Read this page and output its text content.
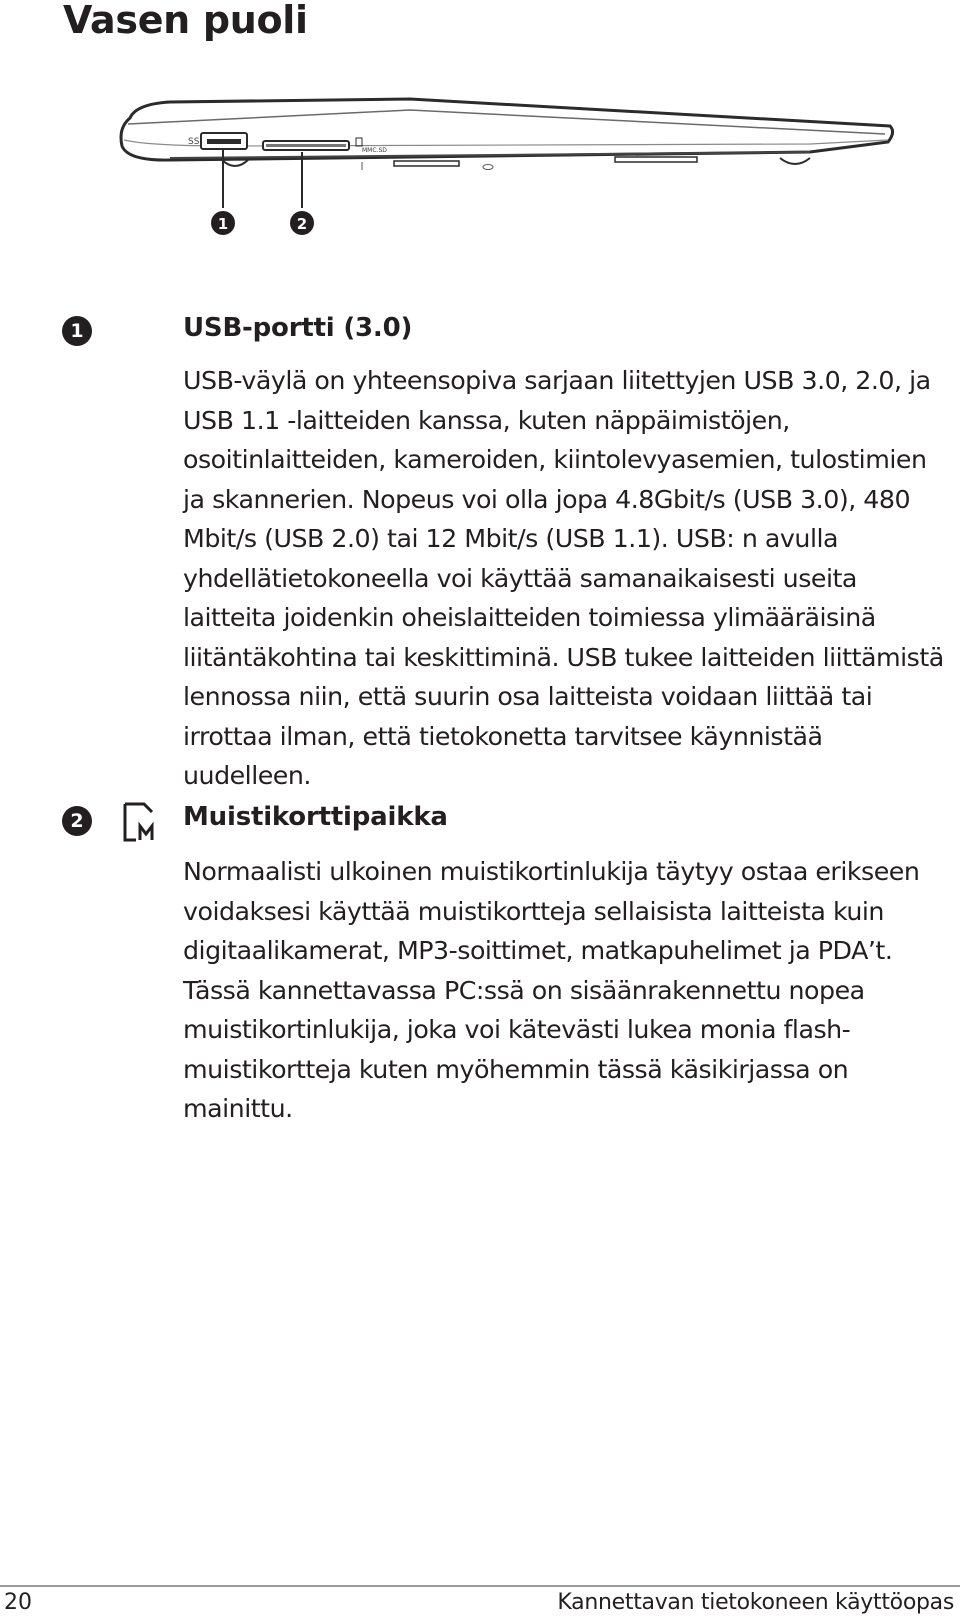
Vasen puoli
SS
MMC.SD
1	2
1	USB-portti (3.0)

USB-väylä on yhteensopiva sarjaan liitettyjen USB 3.0, 2.0, ja USB 1.1 -laitteiden kanssa, kuten näppäimistöjen, osoitinlaitteiden, kameroiden, kiintolevyasemien, tulostimien ja skannerien. Nopeus voi olla jopa 4.8Gbit/s (USB 3.0), 480 Mbit/s (USB 2.0) tai 12 Mbit/s (USB 1.1). USB: n avulla yhdellätietokoneella voi käyttää samanaikaisesti useita laitteita joidenkin oheislaitteiden toimiessa ylimääräisinä liitäntäkohtina tai keskittiminä. USB tukee laitteiden liittämistä lennossa niin, että suurin osa laitteista voidaan liittää tai irrottaa ilman, että tietokonetta tarvitsee käynnistää uudelleen.

2	Muistikorttipaikka

Normaalisti ulkoinen muistikortinlukija täytyy ostaa erikseen voidaksesi käyttää muistikortteja sellaisista laitteista kuin digitaalikamerat, MP3-soittimet, matkapuhelimet ja PDA’t. Tässä kannettavassa PC:ssä on sisäänrakennettu nopea muistikortinlukija, joka voi kätevästi lukea monia flash-muistikortteja kuten myöhemmin tässä käsikirjassa on mainittu.

20	Kannettavan tietokoneen käyttöopas
